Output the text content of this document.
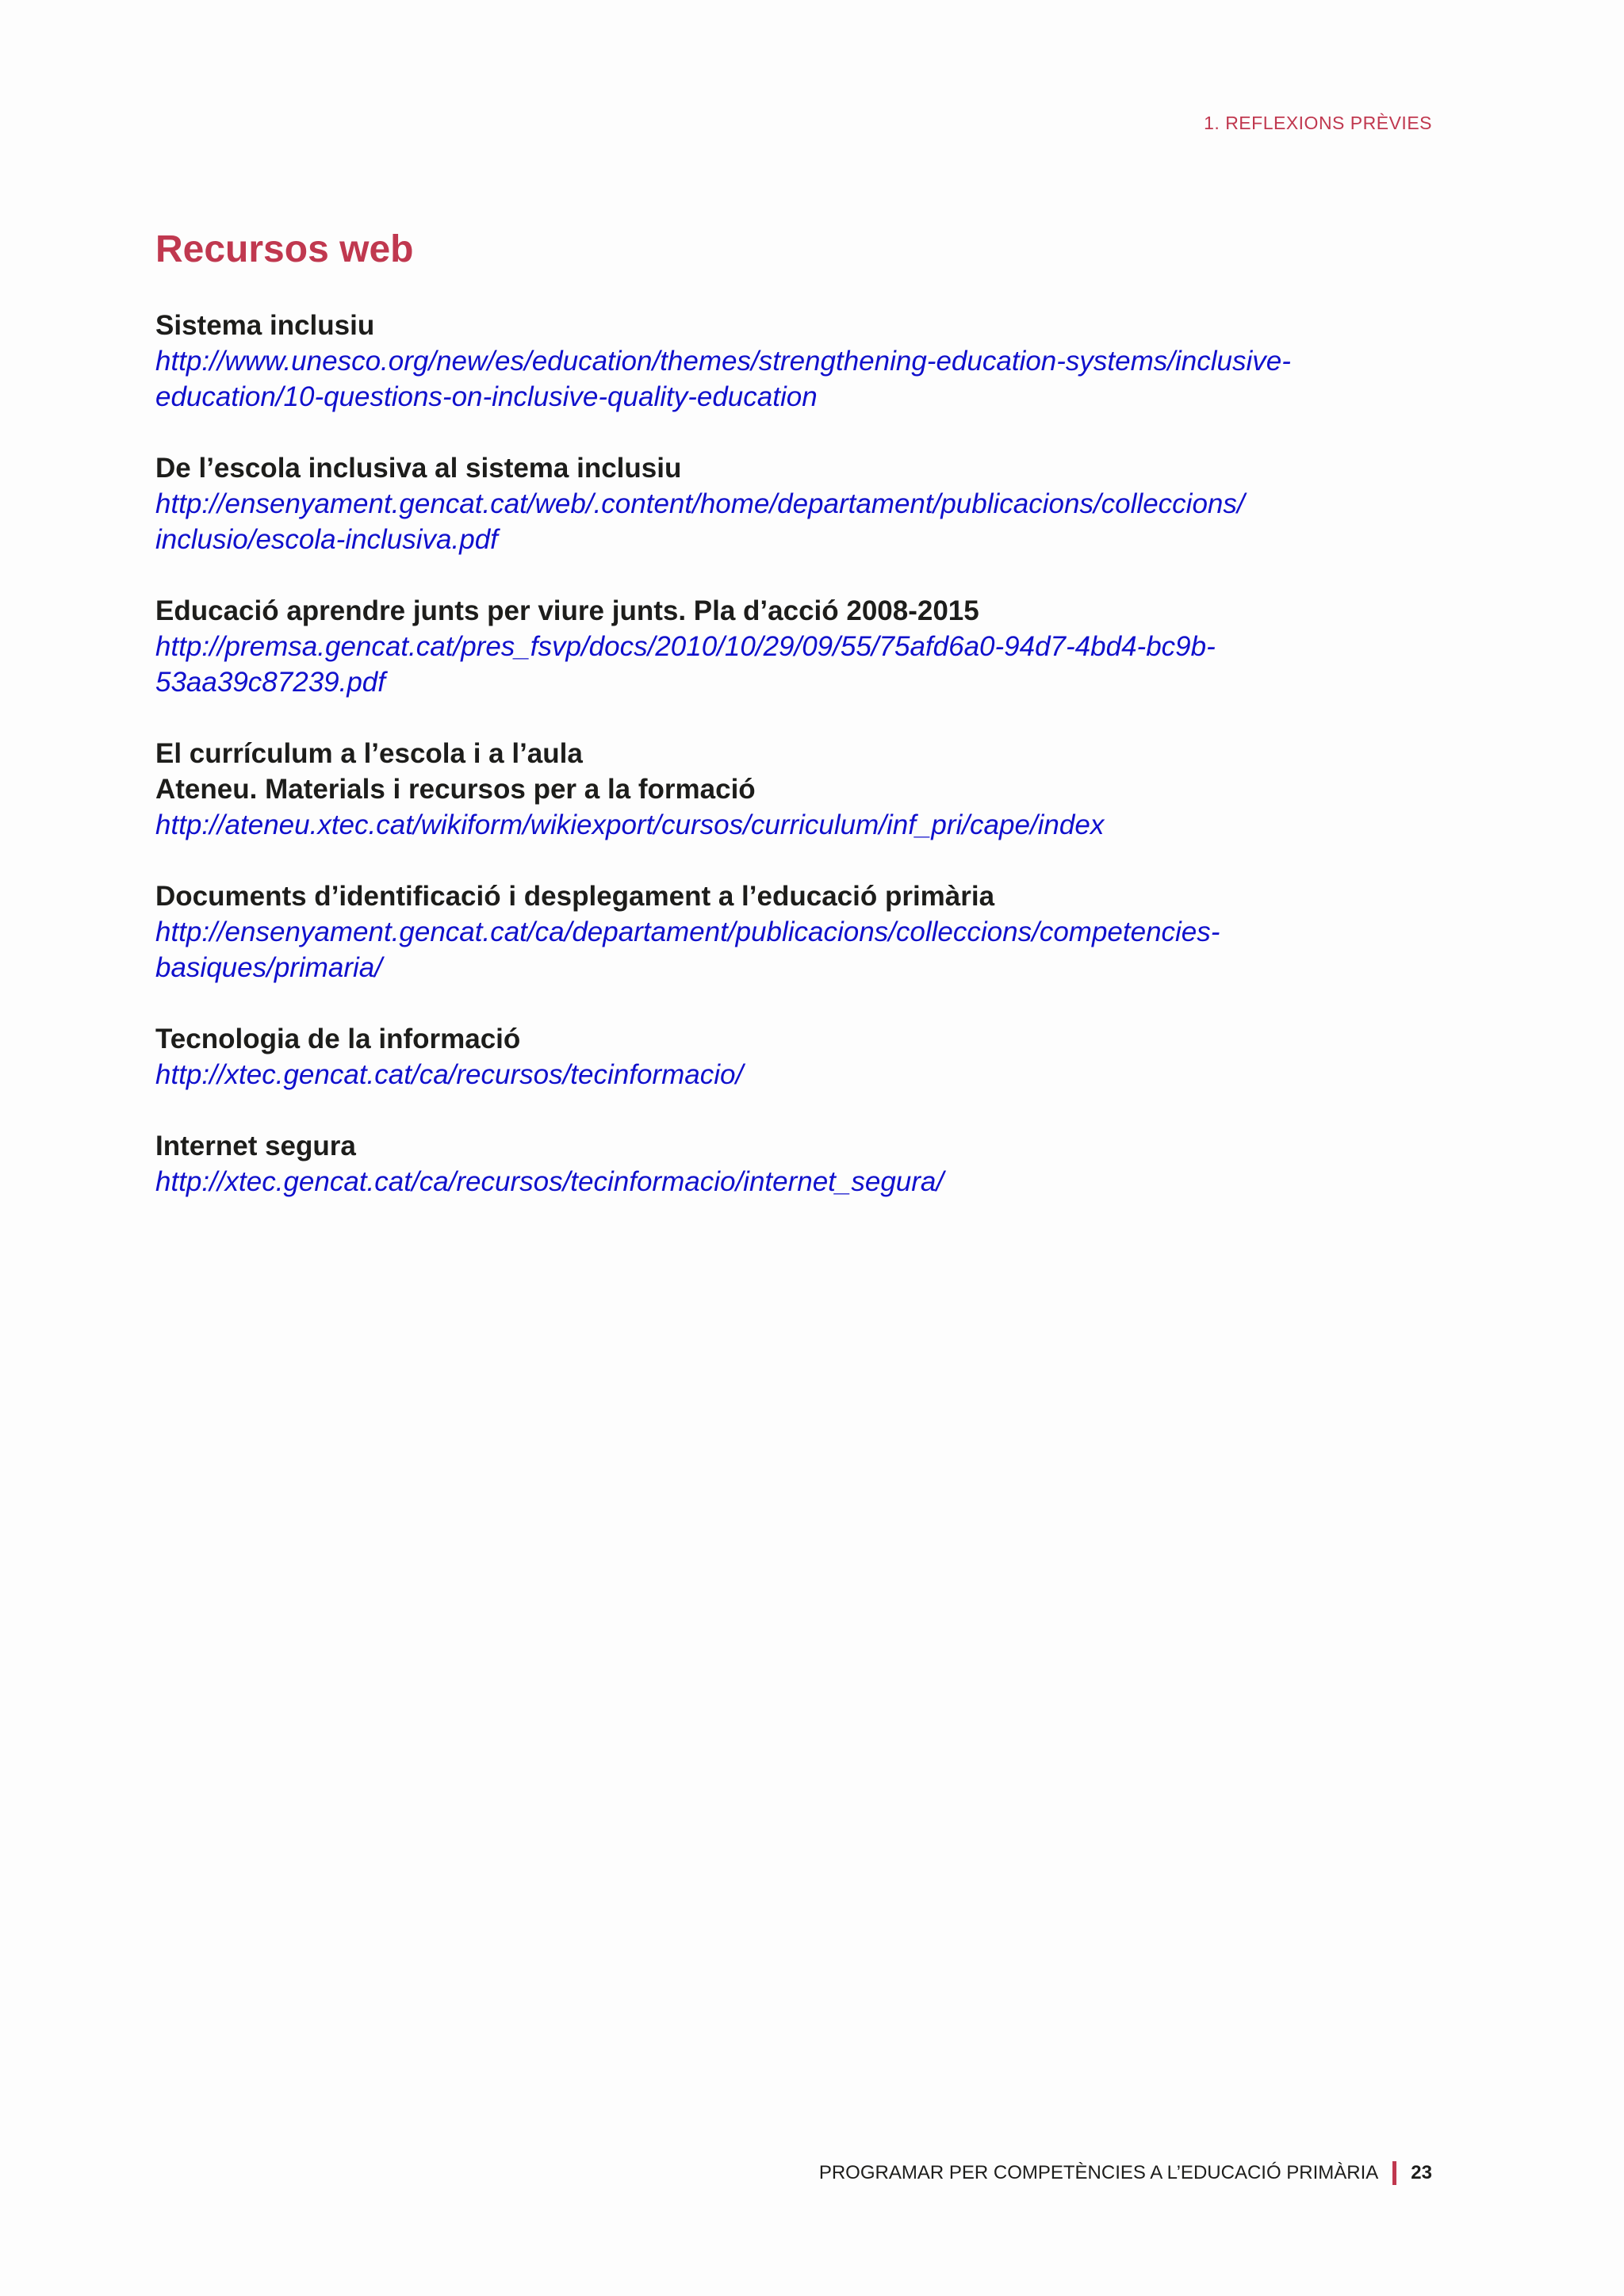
1. REFLEXIONS PRÈVIES
Recursos web
Sistema inclusiu
http://www.unesco.org/new/es/education/themes/strengthening-education-systems/inclusive-
education/10-questions-on-inclusive-quality-education
De l’escola inclusiva al sistema inclusiu
http://ensenyament.gencat.cat/web/.content/home/departament/publicacions/colleccions/
inclusio/escola-inclusiva.pdf
Educació aprendre junts per viure junts. Pla d’acció 2008-2015
http://premsa.gencat.cat/pres_fsvp/docs/2010/10/29/09/55/75afd6a0-94d7-4bd4-bc9b-
53aa39c87239.pdf
El currículum a l’escola i a l’aula
Ateneu. Materials i recursos per a la formació
http://ateneu.xtec.cat/wikiform/wikiexport/cursos/curriculum/inf_pri/cape/index
Documents d’identificació i desplegament a l’educació primària
http://ensenyament.gencat.cat/ca/departament/publicacions/colleccions/competencies-
basiques/primaria/
Tecnologia de la informació
http://xtec.gencat.cat/ca/recursos/tecinformacio/
Internet segura
http://xtec.gencat.cat/ca/recursos/tecinformacio/internet_segura/
PROGRAMAR PER COMPETÈNCIES A L’EDUCACIÓ PRIMÀRIA 23
